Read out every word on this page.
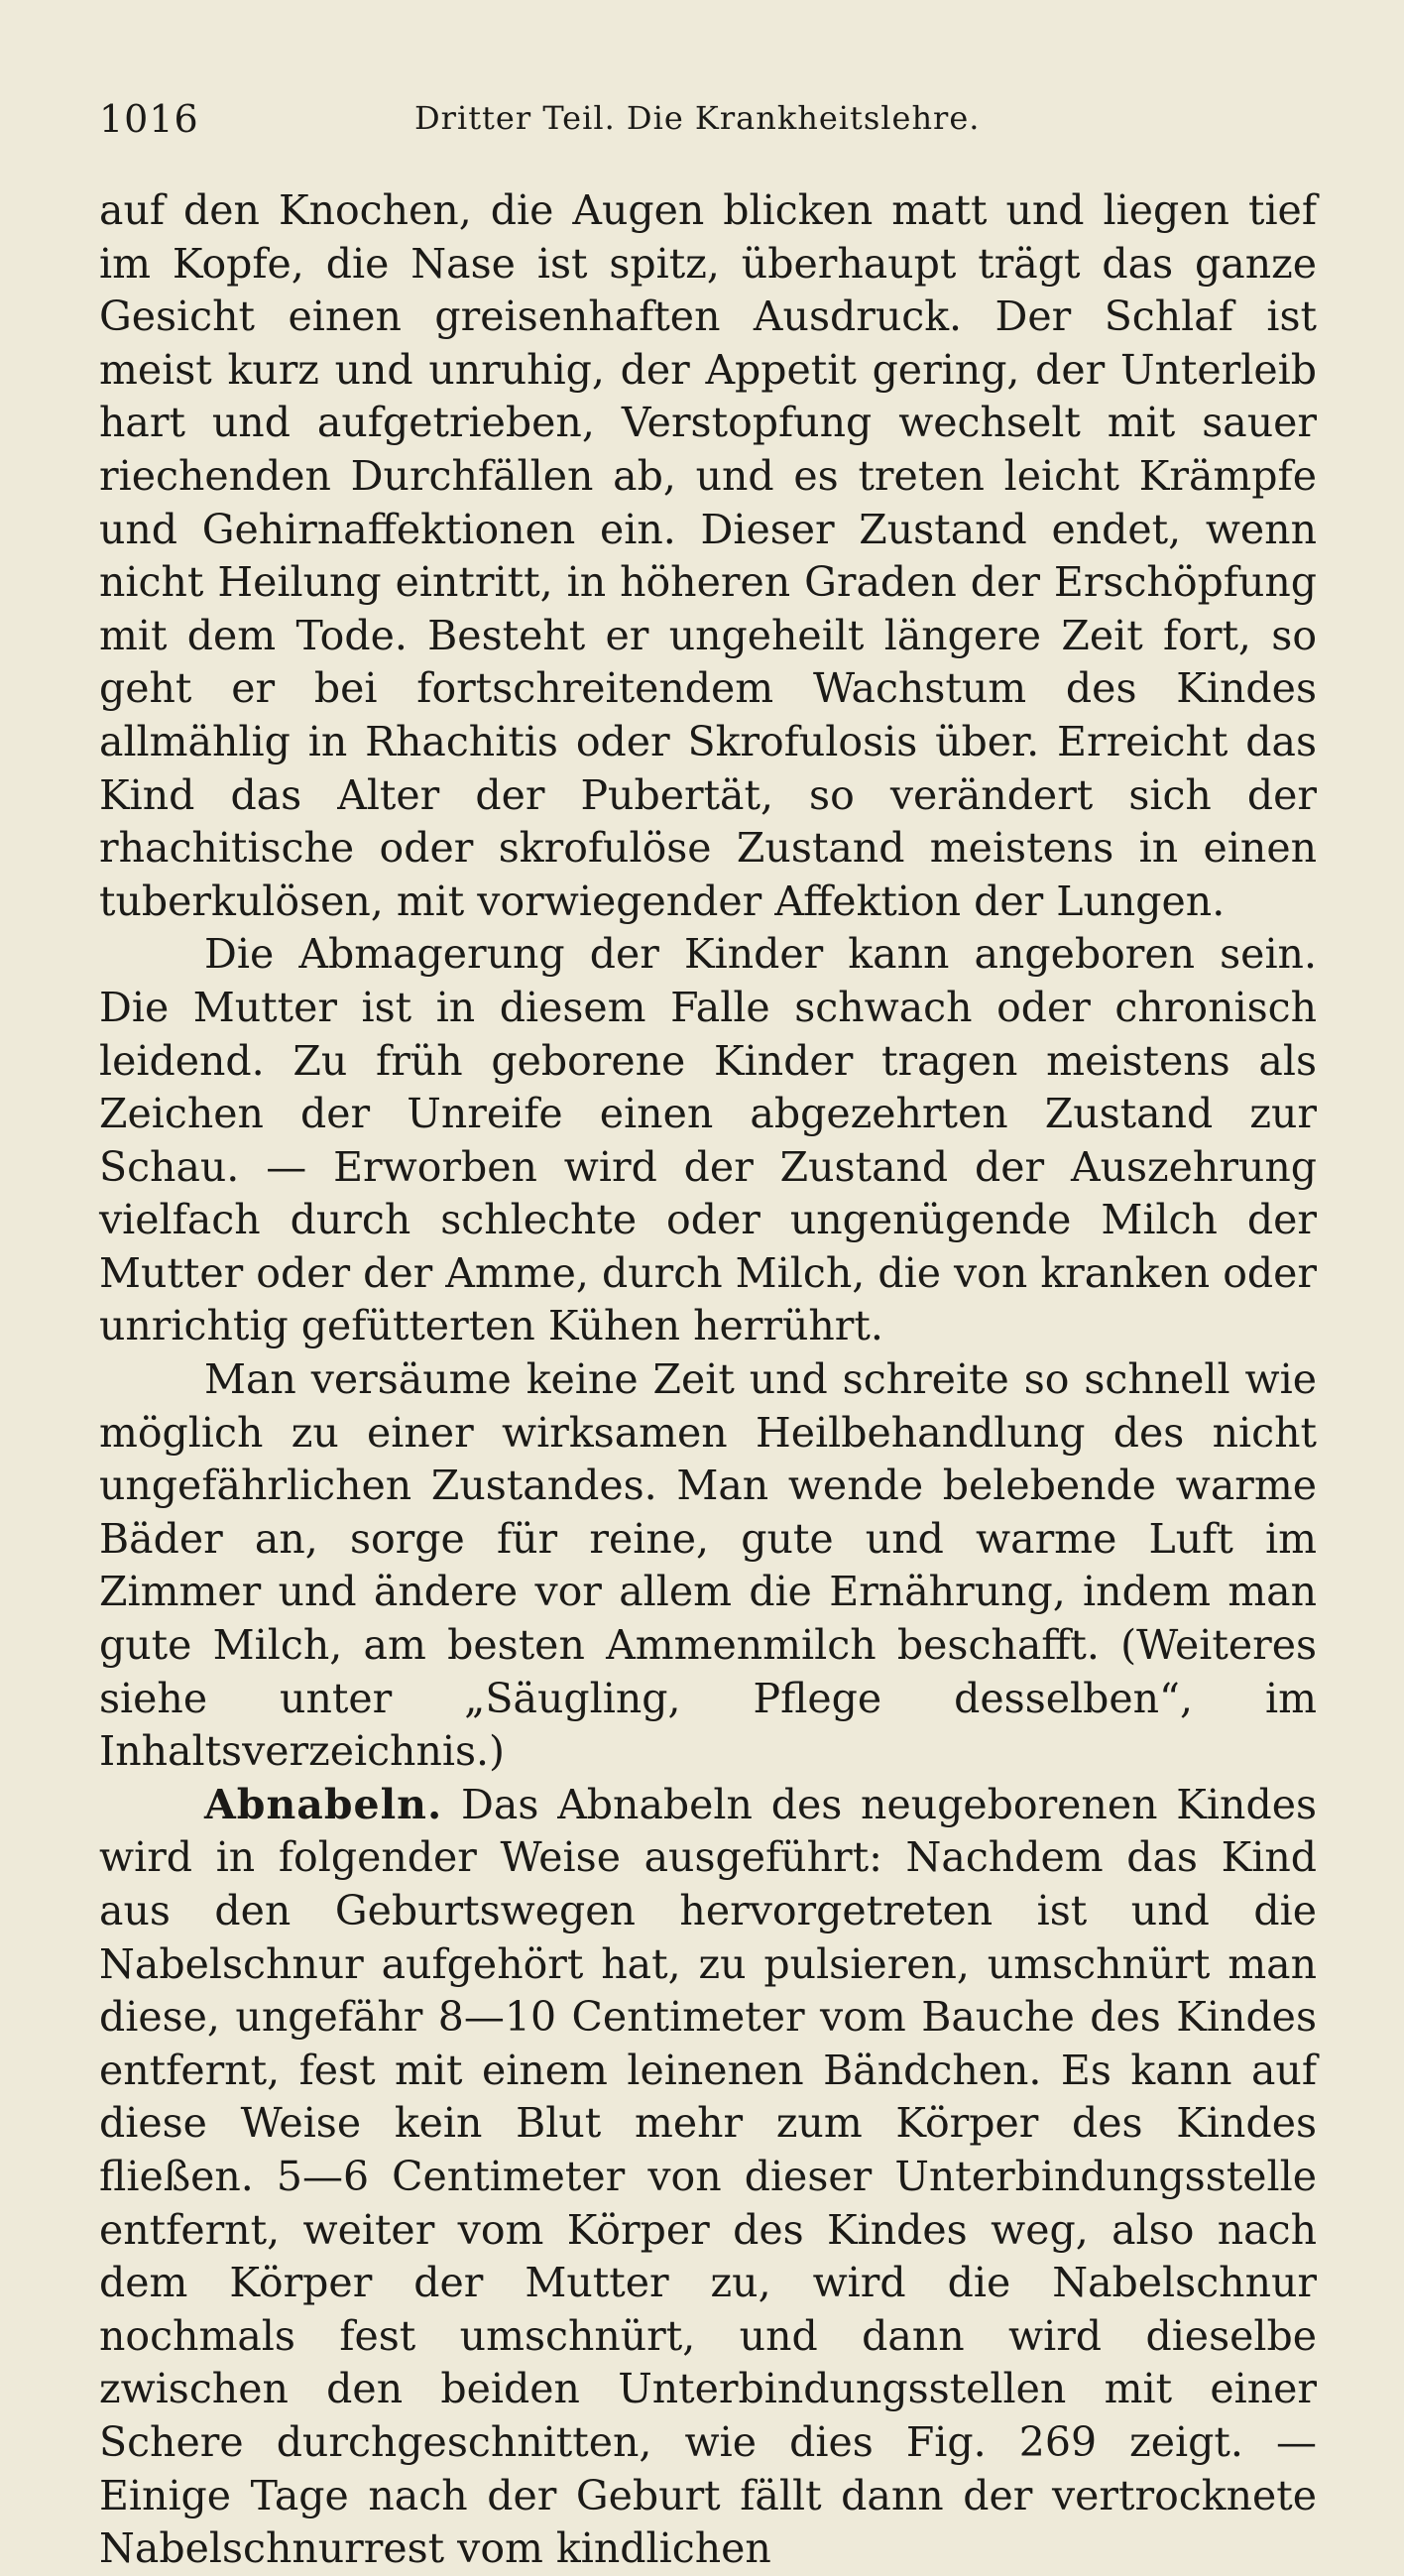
1016	Dritter Teil. Die Krankheitslehre.

auf den Knochen, die Augen blicken matt und liegen tief im Kopfe, die Nase ist spitz, überhaupt trägt das ganze Gesicht einen greisenhaften Ausdruck. Der Schlaf ist meist kurz und unruhig, der Appetit gering, der Unterleib hart und aufgetrieben, Verstopfung wechselt mit sauer riechenden Durchfällen ab, und es treten leicht Krämpfe und Gehirnaffektionen ein. Dieser Zustand endet, wenn nicht Heilung eintritt, in höheren Graden der Erschöpfung mit dem Tode. Besteht er ungeheilt längere Zeit fort, so geht er bei fortschreitendem Wachstum des Kindes allmählig in Rhachitis oder Skrofulosis über. Erreicht das Kind das Alter der Pubertät, so verändert sich der rhachitische oder skrofulöse Zustand meistens in einen tuberkulösen, mit vorwiegender Affektion der Lungen.

Die Abmagerung der Kinder kann angeboren sein. Die Mutter ist in diesem Falle schwach oder chronisch leidend. Zu früh geborene Kinder tragen meistens als Zeichen der Unreife einen abgezehrten Zustand zur Schau. — Erworben wird der Zustand der Auszehrung vielfach durch schlechte oder ungenügende Milch der Mutter oder der Amme, durch Milch, die von kranken oder unrichtig gefütterten Kühen herrührt.

Man versäume keine Zeit und schreite so schnell wie möglich zu einer wirksamen Heilbehandlung des nicht ungefährlichen Zustandes. Man wende belebende warme Bäder an, sorge für reine, gute und warme Luft im Zimmer und ändere vor allem die Ernährung, indem man gute Milch, am besten Ammenmilch beschafft. (Weiteres siehe unter „Säugling, Pflege desselben“, im Inhaltsverzeichnis.)

Abnabeln. Das Abnabeln des neugeborenen Kindes wird in folgender Weise ausgeführt: Nachdem das Kind aus den Geburtswegen hervorgetreten ist und die Nabelschnur aufgehört hat, zu pulsieren, umschnürt man diese, ungefähr 8—10 Centimeter vom Bauche des Kindes entfernt, fest mit einem leinenen Bändchen. Es kann auf diese Weise kein Blut mehr zum Körper des Kindes fließen. 5—6 Centimeter von dieser Unterbindungsstelle entfernt, weiter vom Körper des Kindes weg, also nach dem Körper der Mutter zu, wird die Nabelschnur nochmals fest umschnürt, und dann wird dieselbe zwischen den beiden Unterbindungsstellen mit einer Schere durchgeschnitten, wie dies Fig. 269 zeigt. — Einige Tage nach der Geburt fällt dann der vertrocknete Nabelschnurrest vom kindlichen
